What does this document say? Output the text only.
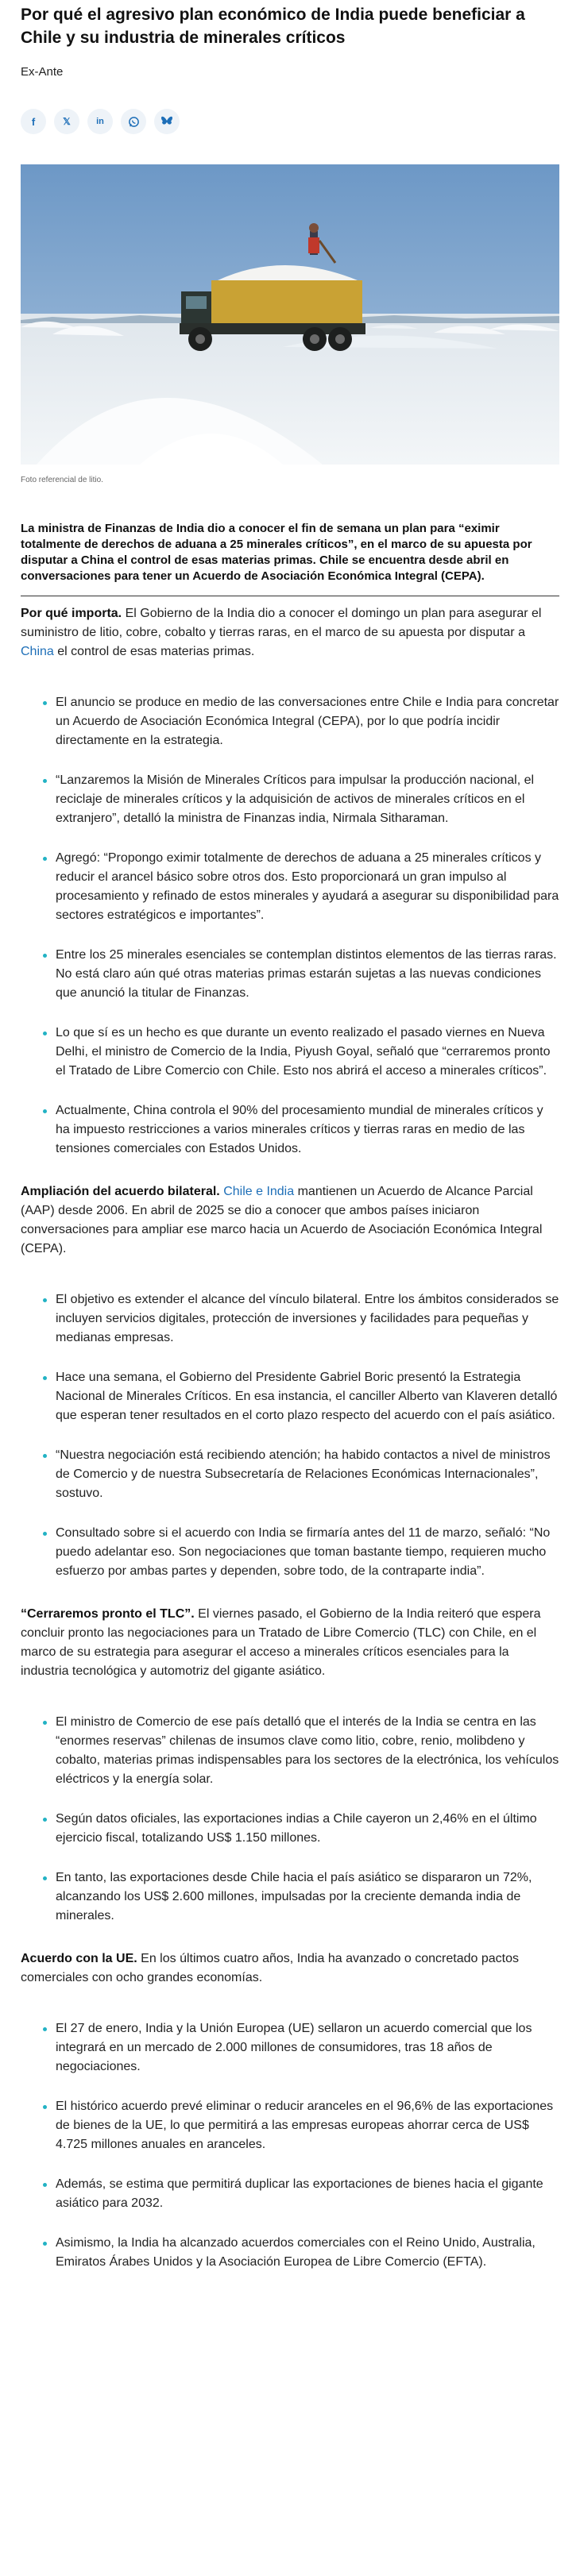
Por qué el agresivo plan económico de India puede beneficiar a Chile y su industria de minerales críticos
Ex-Ante
f	𝕏	in
Foto referencial de litio.

La ministra de Finanzas de India dio a conocer el fin de semana un plan para “eximir totalmente de derechos de aduana a 25 minerales críticos”, en el marco de su apuesta por disputar a China el control de esas materias primas. Chile se encuentra desde abril en conversaciones para tener un Acuerdo de Asociación Económica Integral (CEPA).

Por qué importa. El Gobierno de la India dio a conocer el domingo un plan para asegurar el suministro de litio, cobre, cobalto y tierras raras, en el marco de su apuesta por disputar a China el control de esas materias primas.

El anuncio se produce en medio de las conversaciones entre Chile e India para concretar un Acuerdo de Asociación Económica Integral (CEPA), por lo que podría incidir directamente en la estrategia.
“Lanzaremos la Misión de Minerales Críticos para impulsar la producción nacional, el reciclaje de minerales críticos y la adquisición de activos de minerales críticos en el extranjero”, detalló la ministra de Finanzas india, Nirmala Sitharaman.
Agregó: “Propongo eximir totalmente de derechos de aduana a 25 minerales críticos y reducir el arancel básico sobre otros dos. Esto proporcionará un gran impulso al procesamiento y refinado de estos minerales y ayudará a asegurar su disponibilidad para sectores estratégicos e importantes”.
Entre los 25 minerales esenciales se contemplan distintos elementos de las tierras raras. No está claro aún qué otras materias primas estarán sujetas a las nuevas condiciones que anunció la titular de Finanzas.
Lo que sí es un hecho es que durante un evento realizado el pasado viernes en Nueva Delhi, el ministro de Comercio de la India, Piyush Goyal, señaló que “cerraremos pronto el Tratado de Libre Comercio con Chile. Esto nos abrirá el acceso a minerales críticos”.
Actualmente, China controla el 90% del procesamiento mundial de minerales críticos y ha impuesto restricciones a varios minerales críticos y tierras raras en medio de las tensiones comerciales con Estados Unidos.

Ampliación del acuerdo bilateral. Chile e India mantienen un Acuerdo de Alcance Parcial (AAP) desde 2006. En abril de 2025 se dio a conocer que ambos países iniciaron conversaciones para ampliar ese marco hacia un Acuerdo de Asociación Económica Integral (CEPA).

El objetivo es extender el alcance del vínculo bilateral. Entre los ámbitos considerados se incluyen servicios digitales, protección de inversiones y facilidades para pequeñas y medianas empresas.
Hace una semana, el Gobierno del Presidente Gabriel Boric presentó la Estrategia Nacional de Minerales Críticos. En esa instancia, el canciller Alberto van Klaveren detalló que esperan tener resultados en el corto plazo respecto del acuerdo con el país asiático.
“Nuestra negociación está recibiendo atención; ha habido contactos a nivel de ministros de Comercio y de nuestra Subsecretaría de Relaciones Económicas Internacionales”, sostuvo.
Consultado sobre si el acuerdo con India se firmaría antes del 11 de marzo, señaló: “No puedo adelantar eso. Son negociaciones que toman bastante tiempo, requieren mucho esfuerzo por ambas partes y dependen, sobre todo, de la contraparte india”.

“Cerraremos pronto el TLC”. El viernes pasado, el Gobierno de la India reiteró que espera concluir pronto las negociaciones para un Tratado de Libre Comercio (TLC) con Chile, en el marco de su estrategia para asegurar el acceso a minerales críticos esenciales para la industria tecnológica y automotriz del gigante asiático.

El ministro de Comercio de ese país detalló que el interés de la India se centra en las “enormes reservas” chilenas de insumos clave como litio, cobre, renio, molibdeno y cobalto, materias primas indispensables para los sectores de la electrónica, los vehículos eléctricos y la energía solar.
Según datos oficiales, las exportaciones indias a Chile cayeron un 2,46% en el último ejercicio fiscal, totalizando US$ 1.150 millones.
En tanto, las exportaciones desde Chile hacia el país asiático se dispararon un 72%, alcanzando los US$ 2.600 millones, impulsadas por la creciente demanda india de minerales.

Acuerdo con la UE. En los últimos cuatro años, India ha avanzado o concretado pactos comerciales con ocho grandes economías.

El 27 de enero, India y la Unión Europea (UE) sellaron un acuerdo comercial que los integrará en un mercado de 2.000 millones de consumidores, tras 18 años de negociaciones.
El histórico acuerdo prevé eliminar o reducir aranceles en el 96,6% de las exportaciones de bienes de la UE, lo que permitirá a las empresas europeas ahorrar cerca de US$ 4.725 millones anuales en aranceles.
Además, se estima que permitirá duplicar las exportaciones de bienes hacia el gigante asiático para 2032.
Asimismo, la India ha alcanzado acuerdos comerciales con el Reino Unido, Australia, Emiratos Árabes Unidos y la Asociación Europea de Libre Comercio (EFTA).
